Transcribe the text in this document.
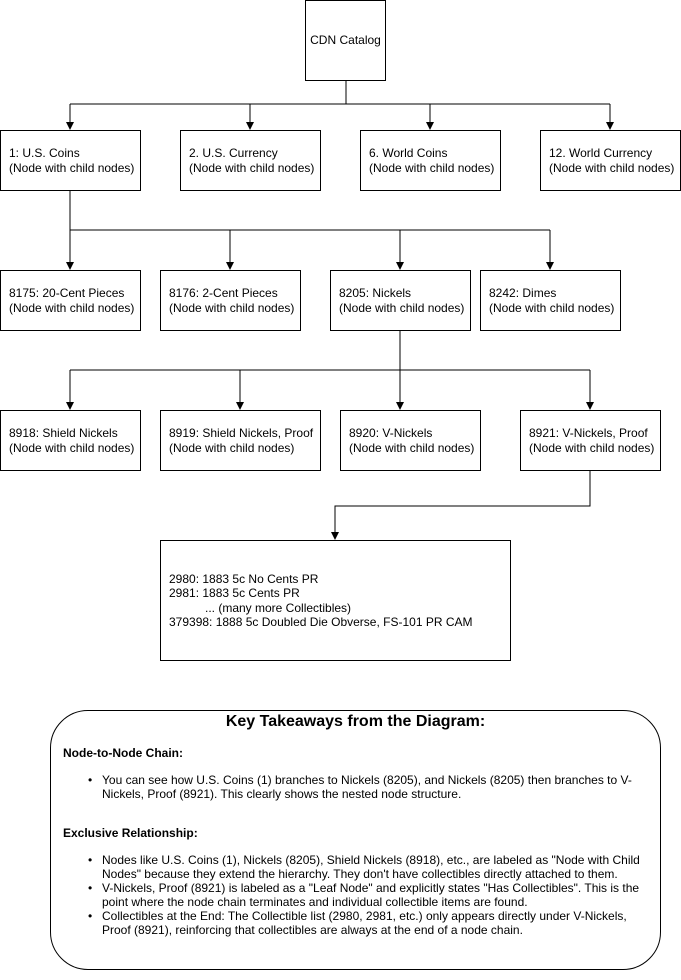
CDN Catalog
1: U.S. Coins
(Node with child nodes)
2. U.S. Currency
(Node with child nodes)
6. World Coins
(Node with child nodes)
12. World Currency
(Node with child nodes)
8175: 20-Cent Pieces
(Node with child nodes)
8176: 2-Cent Pieces
(Node with child nodes)
8205: Nickels
(Node with child nodes)
8242: Dimes
(Node with child nodes)
8918: Shield Nickels
(Node with child nodes)
8919: Shield Nickels, Proof
(Node with child nodes)
8920: V-Nickels
(Node with child nodes)
8921: V-Nickels, Proof
(Node with child nodes)
2980: 1883 5c No Cents PR
2981: 1883 5c Cents PR
... (many more Collectibles)
379398: 1888 5c Doubled Die Obverse, FS-101 PR CAM
Key Takeaways from the Diagram:
Node-to-Node Chain:
• You can see how U.S. Coins (1) branches to Nickels (8205), and Nickels (8205) then branches to V-Nickels, Proof (8921). This clearly shows the nested node structure.
Exclusive Relationship:
• Nodes like U.S. Coins (1), Nickels (8205), Shield Nickels (8918), etc., are labeled as "Node with Child Nodes" because they extend the hierarchy. They don't have collectibles directly attached to them.
• V-Nickels, Proof (8921) is labeled as a "Leaf Node" and explicitly states "Has Collectibles". This is the point where the node chain terminates and individual collectible items are found.
• Collectibles at the End: The Collectible list (2980, 2981, etc.) only appears directly under V-Nickels, Proof (8921), reinforcing that collectibles are always at the end of a node chain.
